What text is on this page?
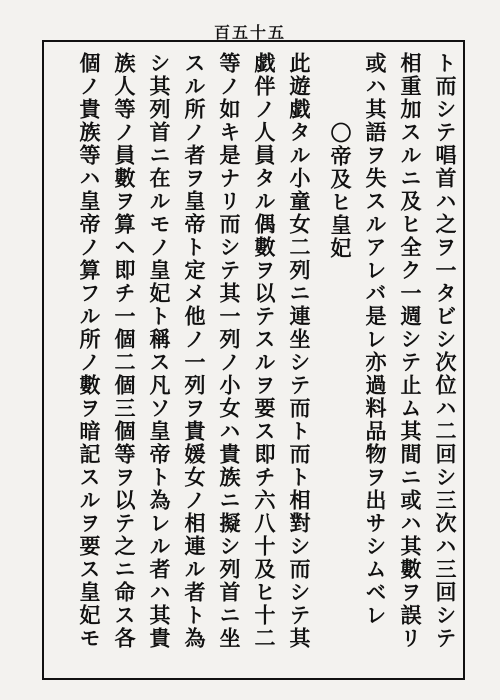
百五十五
ト而シテ唱首ハ之ヲ一タビシ次位ハ二回シ三次ハ三回シテ
相重加スルニ及ヒ全ク一週シテ止ム其間ニ或ハ其數ヲ誤リ
或ハ其語ヲ失スルアレバ是レ亦過料品物ヲ出サシムベレ
〇帝及ヒ皇妃
此遊戯タル小童女二列ニ連坐シテ而ト而ト相對シ而シテ其
戯伴ノ人員タル偶數ヲ以テスルヲ要ス即チ六八十及ヒ十二
等ノ如キ是ナリ而シテ其一列ノ小女ハ貴族ニ擬シ列首ニ坐
スル所ノ者ヲ皇帝ト定メ他ノ一列ヲ貴媛女ノ相連ル者ト為
シ其列首ニ在ルモノ皇妃ト稱ス凡ソ皇帝ト為レル者ハ其貴
族人等ノ員數ヲ算ヘ即チ一個二個三個等ヲ以テ之ニ命ス各
個ノ貴族等ハ皇帝ノ算フル所ノ數ヲ暗記スルヲ要ス皇妃モ
